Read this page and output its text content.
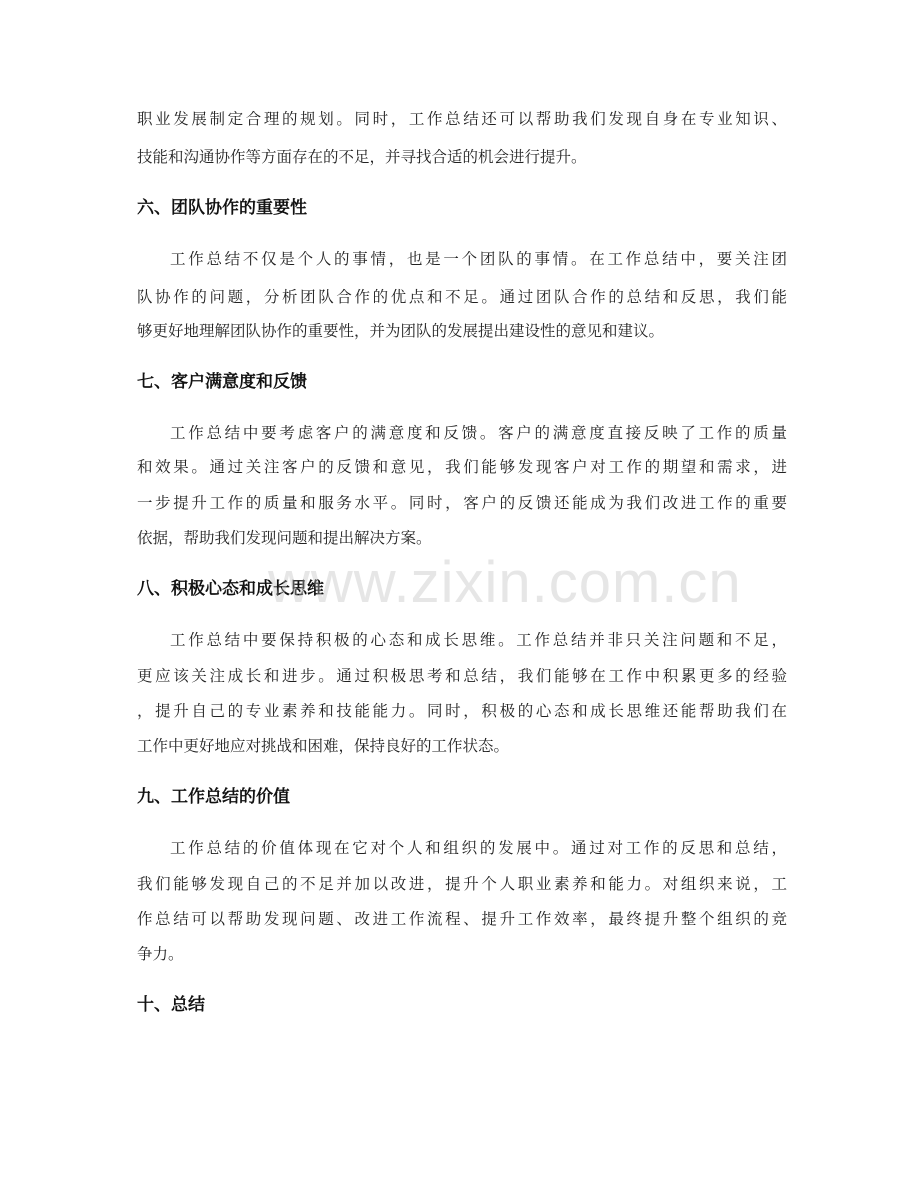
职业发展制定合理的规划。同时，工作总结还可以帮助我们发现自身在专业知识、
技能和沟通协作等方面存在的不足，并寻找合适的机会进行提升。
六、团队协作的重要性
工作总结不仅是个人的事情，也是一个团队的事情。在工作总结中，要关注团
队协作的问题，分析团队合作的优点和不足。通过团队合作的总结和反思，我们能
够更好地理解团队协作的重要性，并为团队的发展提出建设性的意见和建议。
七、客户满意度和反馈
工作总结中要考虑客户的满意度和反馈。客户的满意度直接反映了工作的质量
和效果。通过关注客户的反馈和意见，我们能够发现客户对工作的期望和需求，进
一步提升工作的质量和服务水平。同时，客户的反馈还能成为我们改进工作的重要
依据，帮助我们发现问题和提出解决方案。
八、积极心态和成长思维
工作总结中要保持积极的心态和成长思维。工作总结并非只关注问题和不足，
更应该关注成长和进步。通过积极思考和总结，我们能够在工作中积累更多的经验
，提升自己的专业素养和技能能力。同时，积极的心态和成长思维还能帮助我们在
工作中更好地应对挑战和困难，保持良好的工作状态。
九、工作总结的价值
工作总结的价值体现在它对个人和组织的发展中。通过对工作的反思和总结，
我们能够发现自己的不足并加以改进，提升个人职业素养和能力。对组织来说，工
作总结可以帮助发现问题、改进工作流程、提升工作效率，最终提升整个组织的竞
争力。
十、总结
www.zixin.com.cn
